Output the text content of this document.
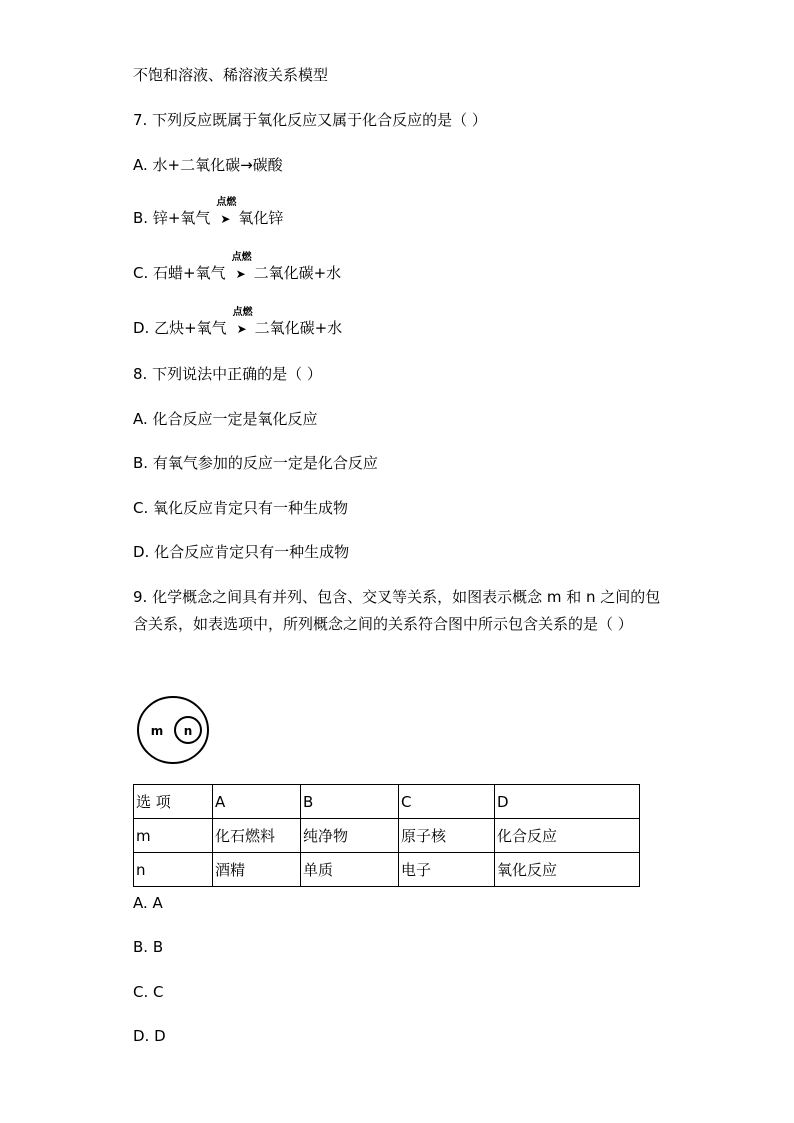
不饱和溶液、稀溶液关系模型
7. 下列反应既属于氧化反应又属于化合反应的是（ ）
A. 水+二氧化碳→碳酸
B. 锌+氧气
点燃
➤ 氧化锌
C. 石蜡+氧气
点燃
➤ 二氧化碳+水
D. 乙炔+氧气
点燃
➤ 二氧化碳+水
8. 下列说法中正确的是（ ）
A. 化合反应一定是氧化反应
B. 有氧气参加的反应一定是化合反应
C. 氧化反应肯定只有一种生成物
D. 化合反应肯定只有一种生成物
9. 化学概念之间具有并列、包含、交叉等关系，如图表示概念 m 和 n 之间的包含关系，如表选项中，所列概念之间的关系符合图中所示包含关系的是（ ）
m n
选 项	A	B	C	D
m	化石燃料	纯净物	原子核	化合反应
n	酒精	单质	电子	氧化反应
A. A
B. B
C. C
D. D
